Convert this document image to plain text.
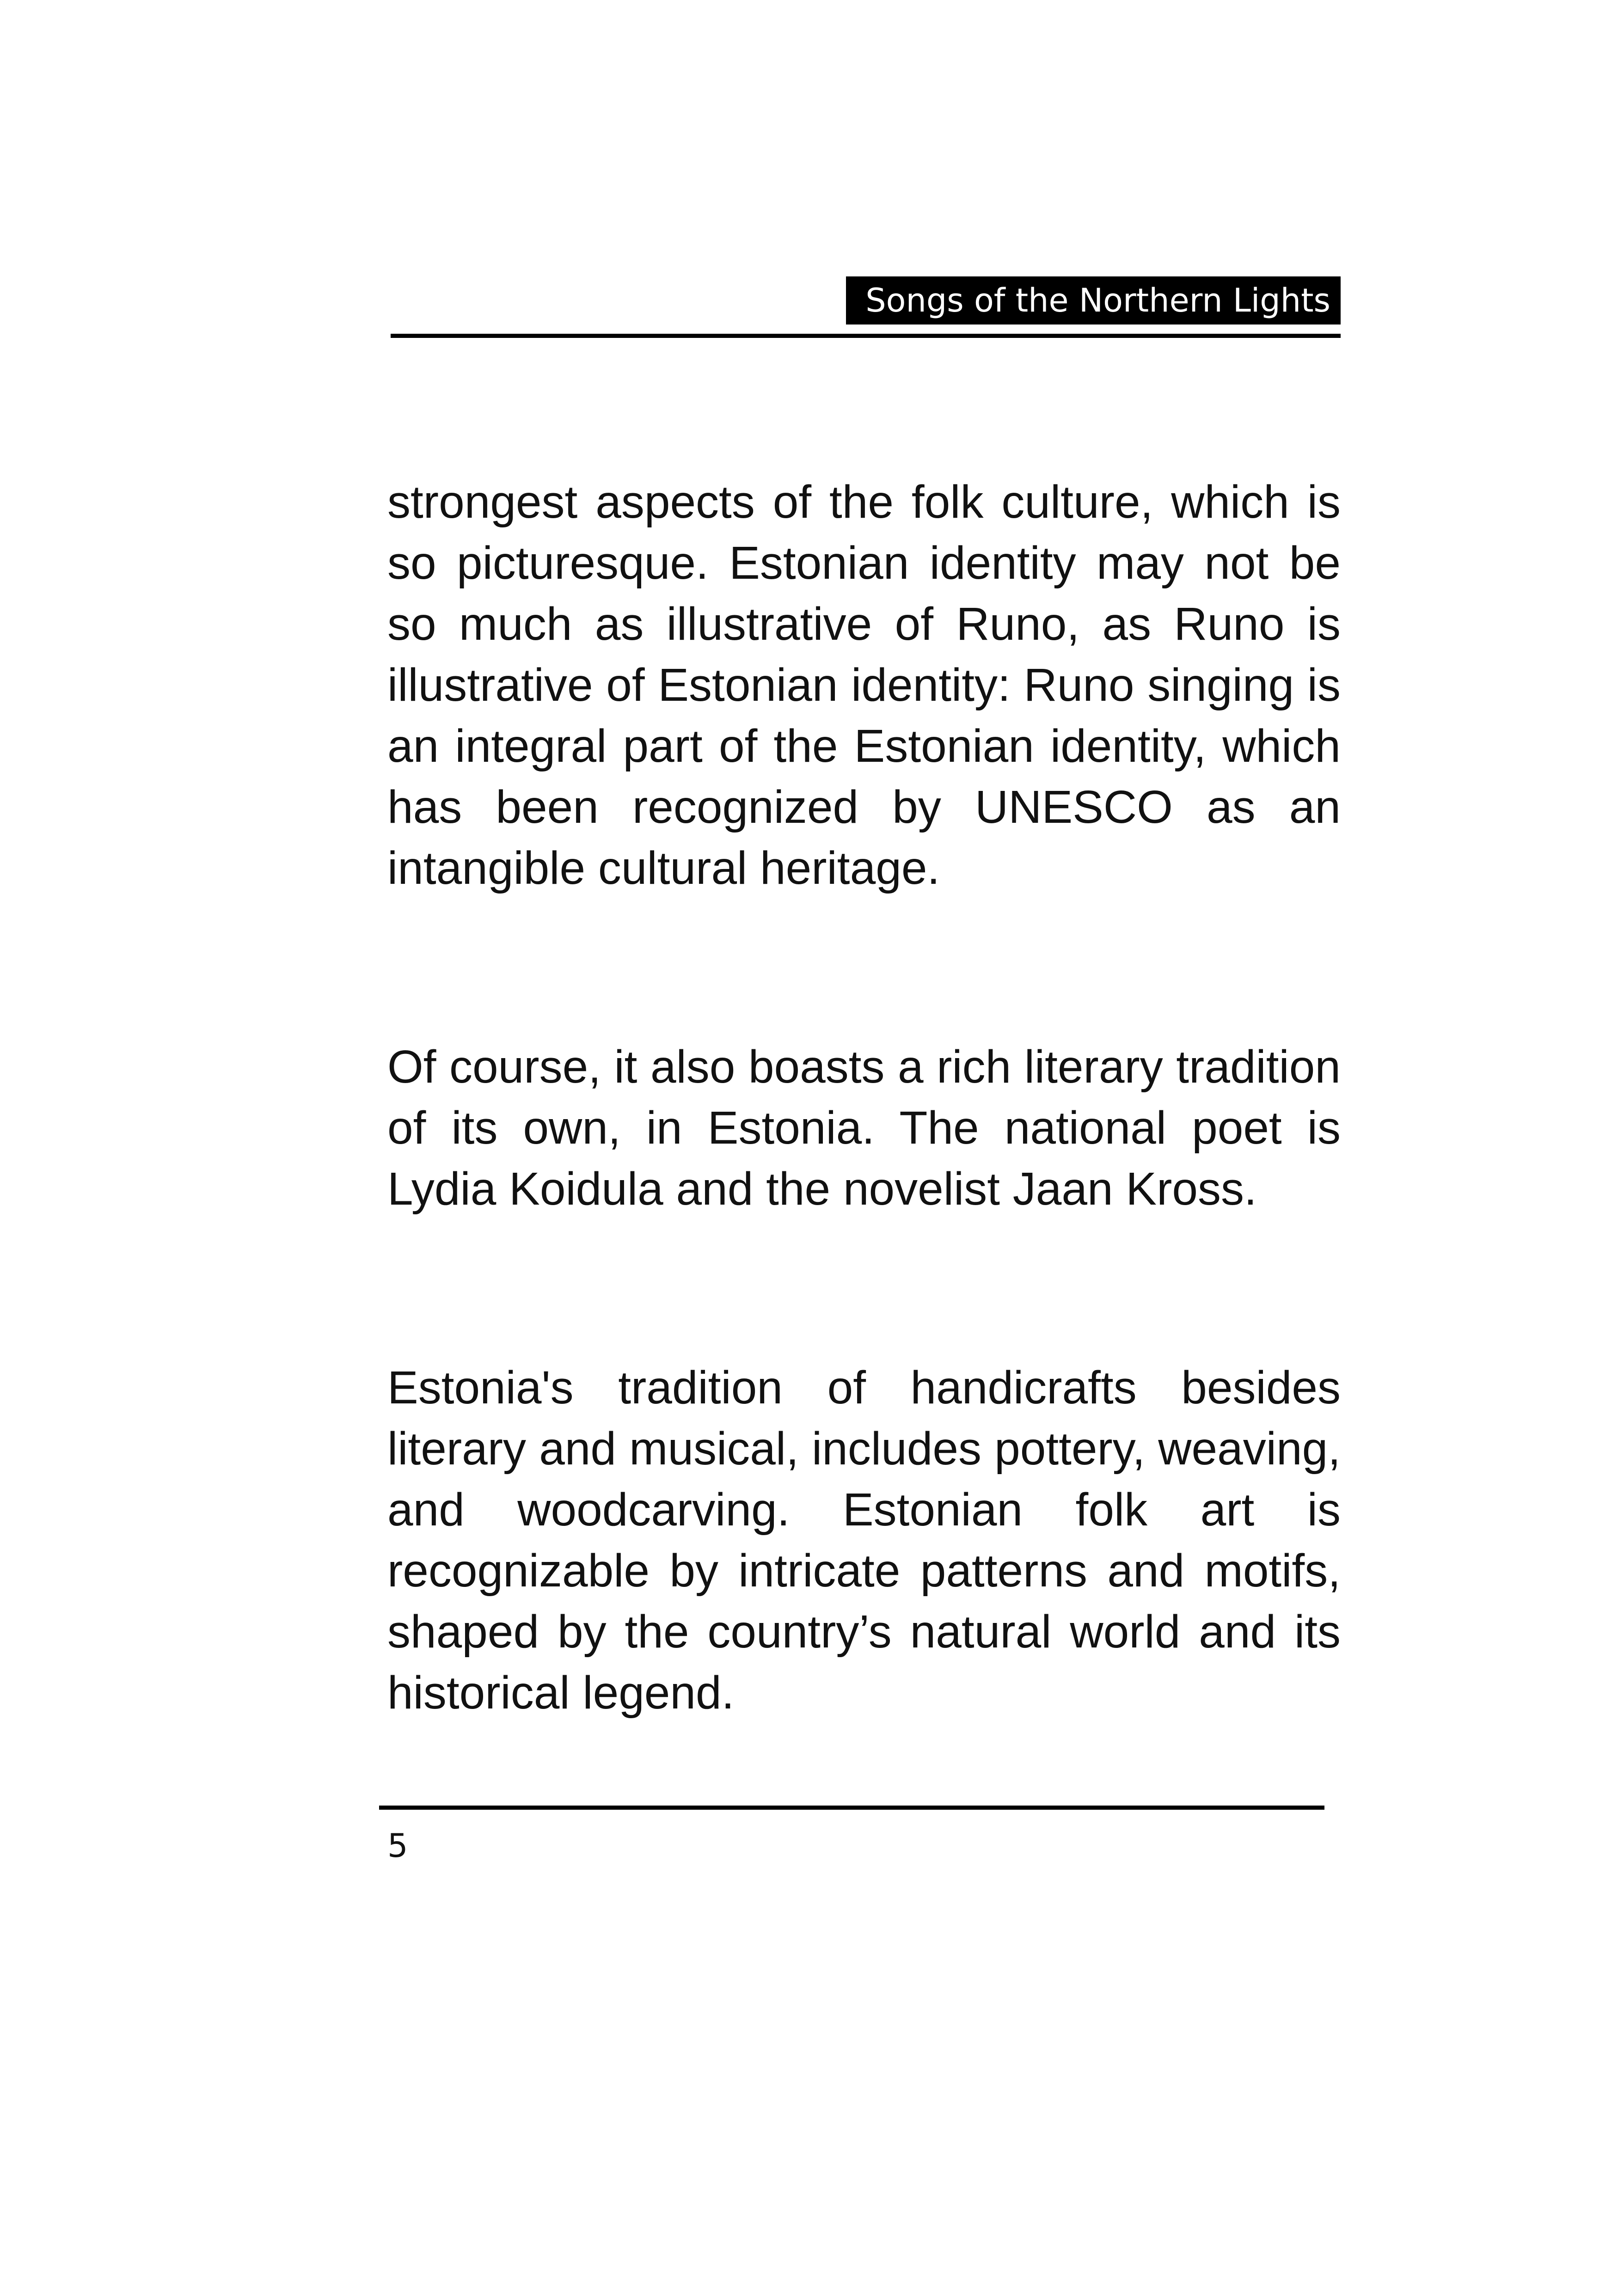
Songs of the Northern Lights

strongest aspects of the folk culture, which is so picturesque. Estonian identity may not be so much as illustrative of Runo, as Runo is illustrative of Estonian identity: Runo singing is an integral part of the Estonian identity, which has been recognized by UNESCO as an intangible cultural heritage.

Of course, it also boasts a rich literary tradition of its own, in Estonia. The national poet is Lydia Koidula and the novelist Jaan Kross.

Estonia's tradition of handicrafts besides literary and musical, includes pottery, weaving, and woodcarving. Estonian folk art is recognizable by intricate patterns and motifs, shaped by the country’s natural world and its historical legend.

5
